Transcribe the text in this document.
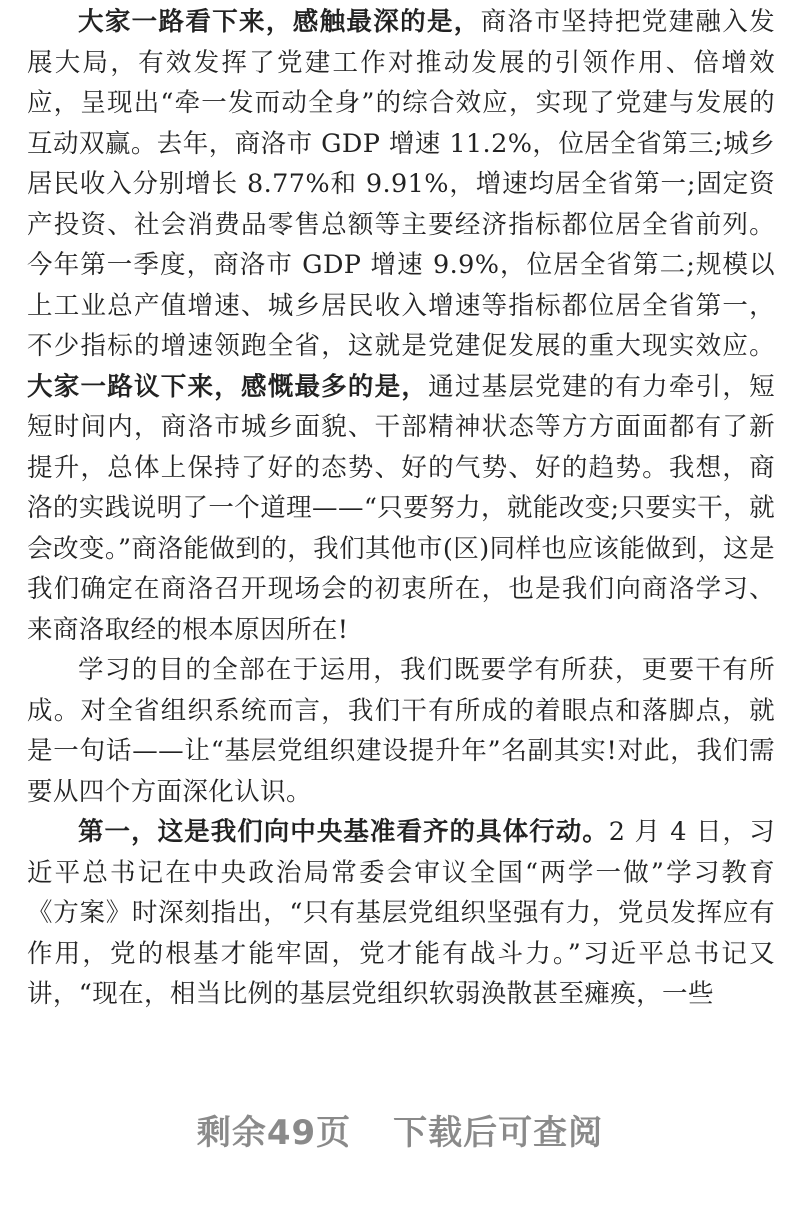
大家一路看下来，感触最深的是，商洛市坚持把党建融入发展大局，有效发挥了党建工作对推动发展的引领作用、倍增效应，呈现出“牵一发而动全身”的综合效应，实现了党建与发展的互动双赢。去年，商洛市 GDP 增速 11.2%，位居全省第三;城乡居民收入分别增长 8.77%和 9.91%，增速均居全省第一;固定资产投资、社会消费品零售总额等主要经济指标都位居全省前列。今年第一季度，商洛市 GDP 增速 9.9%，位居全省第二;规模以上工业总产值增速、城乡居民收入增速等指标都位居全省第一，不少指标的增速领跑全省，这就是党建促发展的重大现实效应。大家一路议下来，感慨最多的是，通过基层党建的有力牵引，短短时间内，商洛市城乡面貌、干部精神状态等方方面面都有了新提升，总体上保持了好的态势、好的气势、好的趋势。我想，商洛的实践说明了一个道理——“只要努力，就能改变;只要实干，就会改变。”商洛能做到的，我们其他市(区)同样也应该能做到，这是我们确定在商洛召开现场会的初衷所在，也是我们向商洛学习、来商洛取经的根本原因所在!

学习的目的全部在于运用，我们既要学有所获，更要干有所成。对全省组织系统而言，我们干有所成的着眼点和落脚点，就是一句话——让“基层党组织建设提升年”名副其实!对此，我们需要从四个方面深化认识。

第一，这是我们向中央基准看齐的具体行动。2 月 4 日，习近平总书记在中央政治局常委会审议全国“两学一做”学习教育《方案》时深刻指出，“只有基层党组织坚强有力，党员发挥应有作用，党的根基才能牢固，党才能有战斗力。”习近平总书记又讲，“现在，相当比例的基层党组织软弱涣散甚至瘫痪，一些

剩余49页 下载后可查阅
